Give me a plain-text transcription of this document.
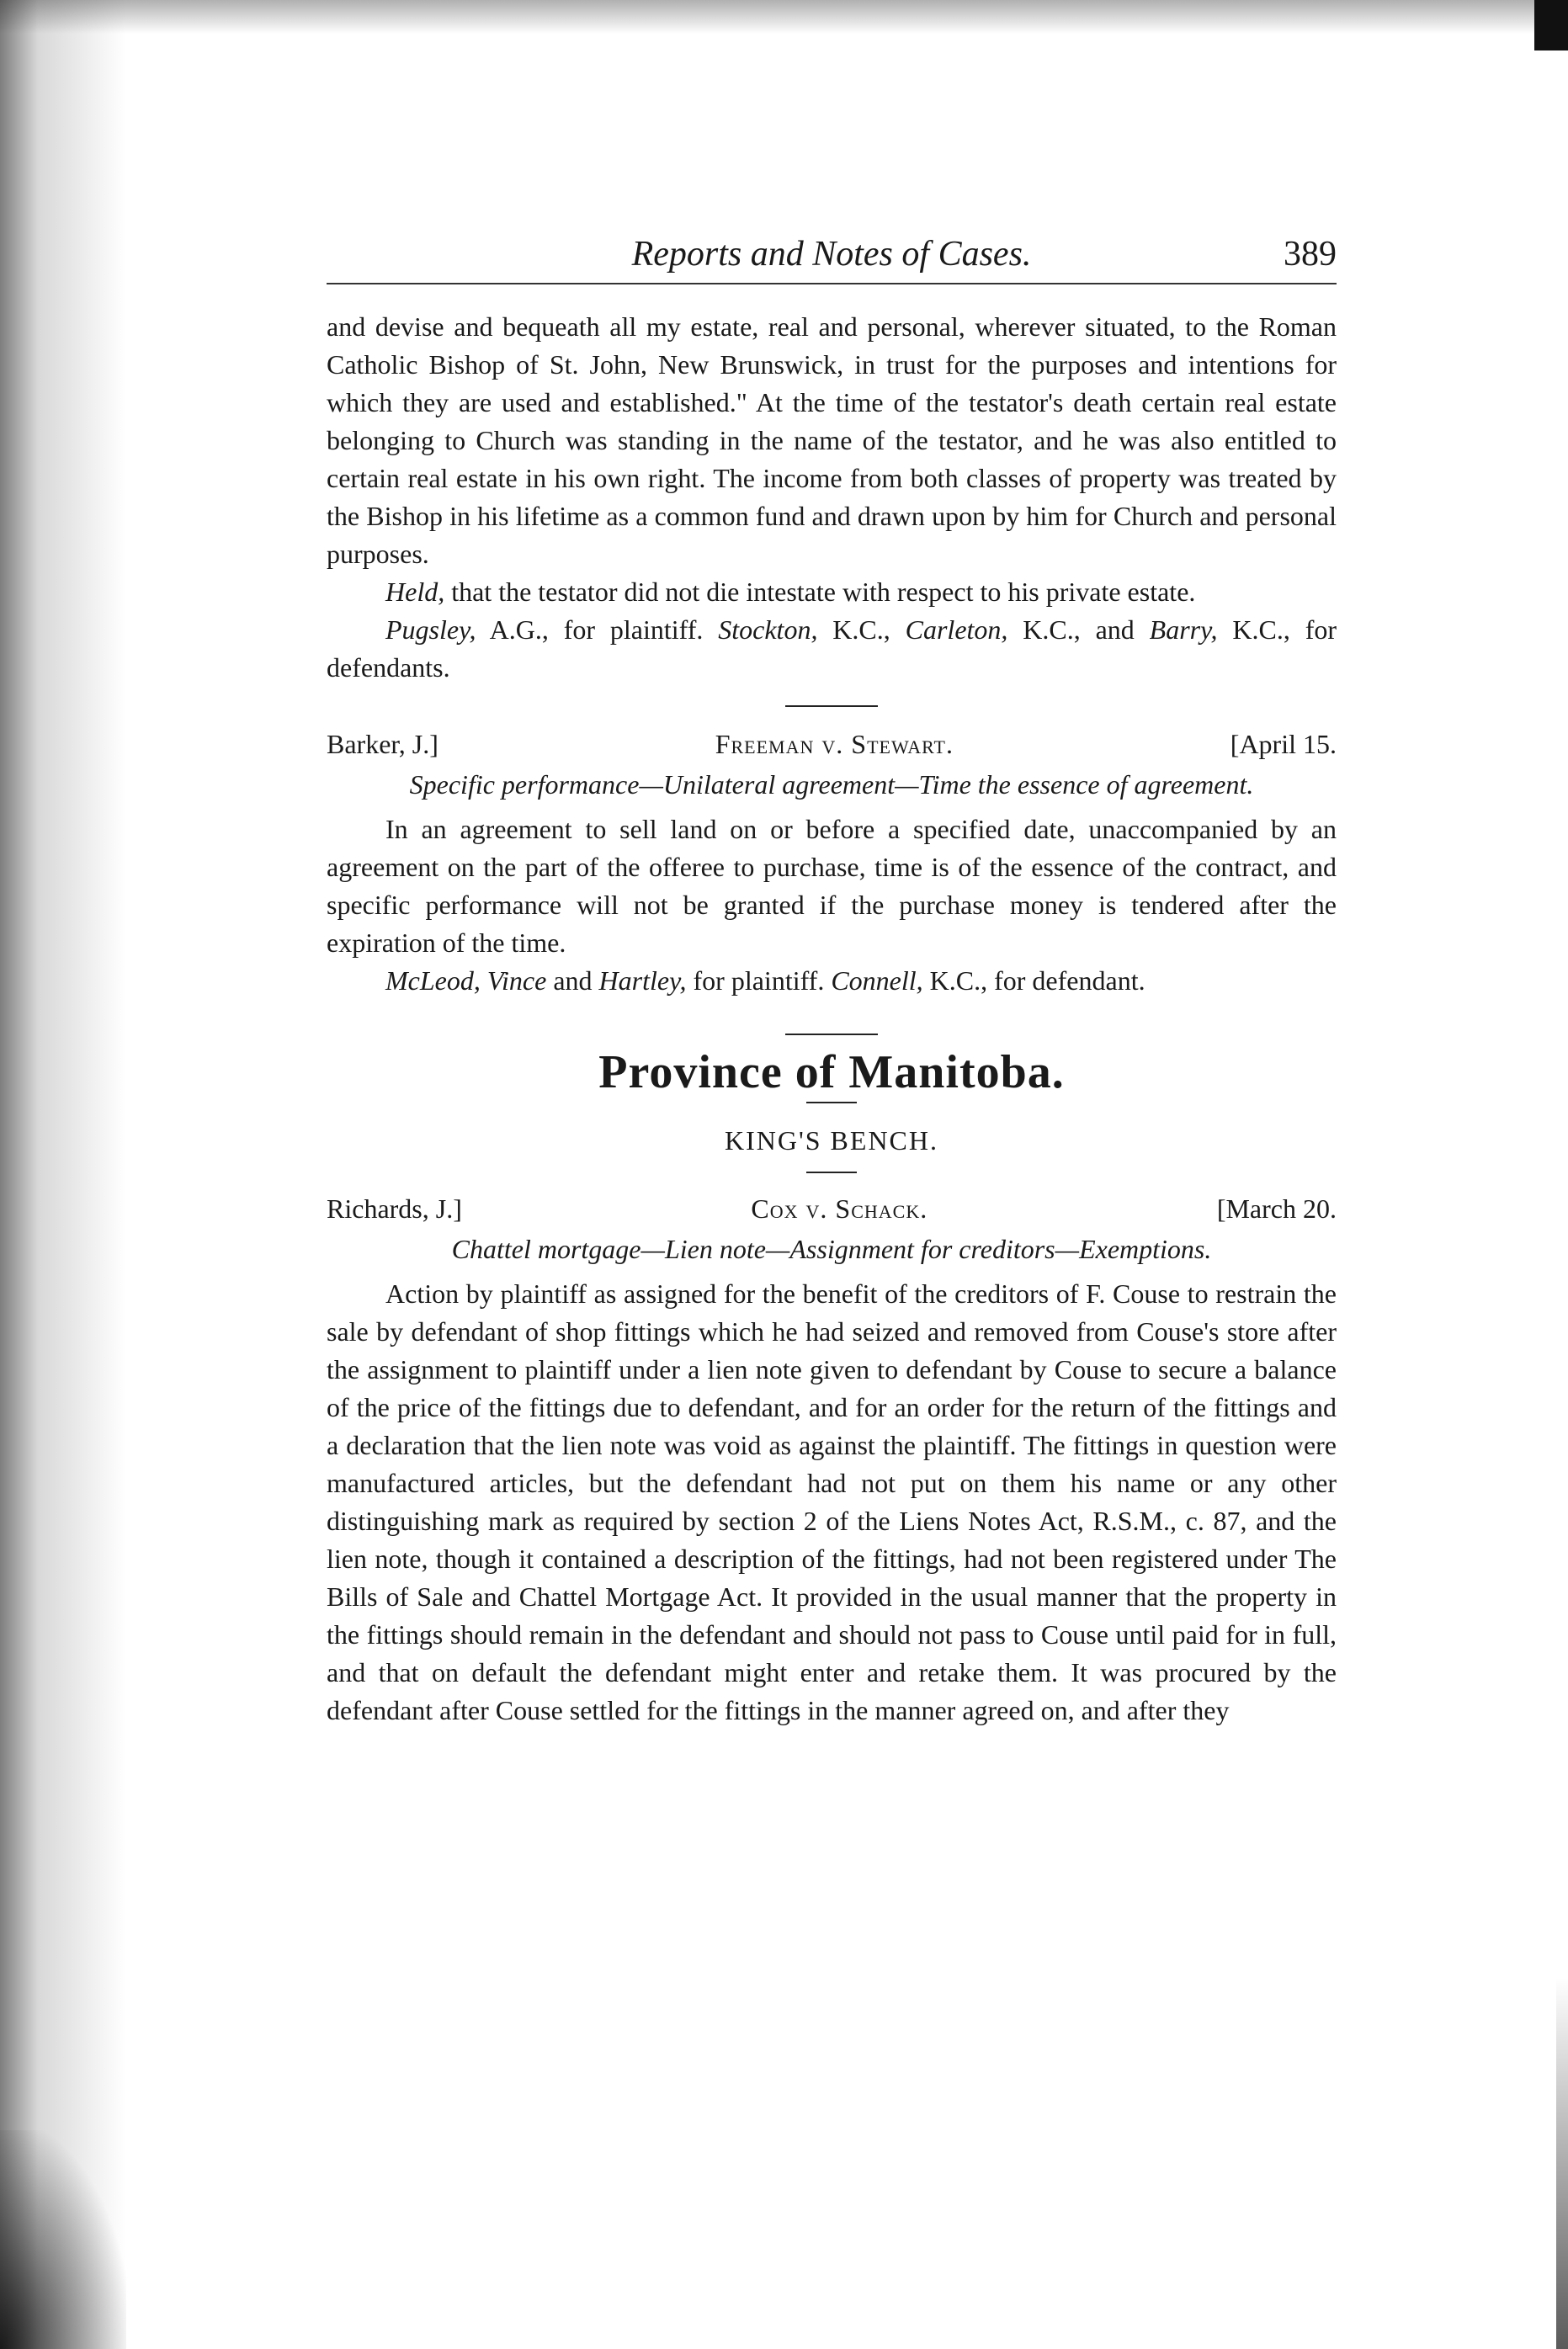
Reports and Notes of Cases.	389

and devise and bequeath all my estate, real and personal, wherever situated, to the Roman Catholic Bishop of St. John, New Brunswick, in trust for the purposes and intentions for which they are used and established." At the time of the testator's death certain real estate belonging to Church was standing in the name of the testator, and he was also entitled to certain real estate in his own right. The income from both classes of property was treated by the Bishop in his lifetime as a common fund and drawn upon by him for Church and personal purposes.

Held, that the testator did not die intestate with respect to his private estate.

Pugsley, A.G., for plaintiff. Stockton, K.C., Carleton, K.C., and Barry, K.C., for defendants.

Barker, J.]	Freeman v. Stewart.	[April 15.
Specific performance—Unilateral agreement—Time the essence of agreement.

In an agreement to sell land on or before a specified date, unaccompanied by an agreement on the part of the offeree to purchase, time is of the essence of the contract, and specific performance will not be granted if the purchase money is tendered after the expiration of the time.

McLeod, Vince and Hartley, for plaintiff. Connell, K.C., for defendant.

Province of Manitoba.
KING'S BENCH.
Richards, J.]	Cox v. Schack.	[March 20.
Chattel mortgage—Lien note—Assignment for creditors—Exemptions.

Action by plaintiff as assigned for the benefit of the creditors of F. Couse to restrain the sale by defendant of shop fittings which he had seized and removed from Couse's store after the assignment to plaintiff under a lien note given to defendant by Couse to secure a balance of the price of the fittings due to defendant, and for an order for the return of the fittings and a declaration that the lien note was void as against the plaintiff. The fittings in question were manufactured articles, but the defendant had not put on them his name or any other distinguishing mark as required by section 2 of the Liens Notes Act, R.S.M., c. 87, and the lien note, though it contained a description of the fittings, had not been registered under The Bills of Sale and Chattel Mortgage Act. It provided in the usual manner that the property in the fittings should remain in the defendant and should not pass to Couse until paid for in full, and that on default the defendant might enter and retake them. It was procured by the defendant after Couse settled for the fittings in the manner agreed on, and after they
